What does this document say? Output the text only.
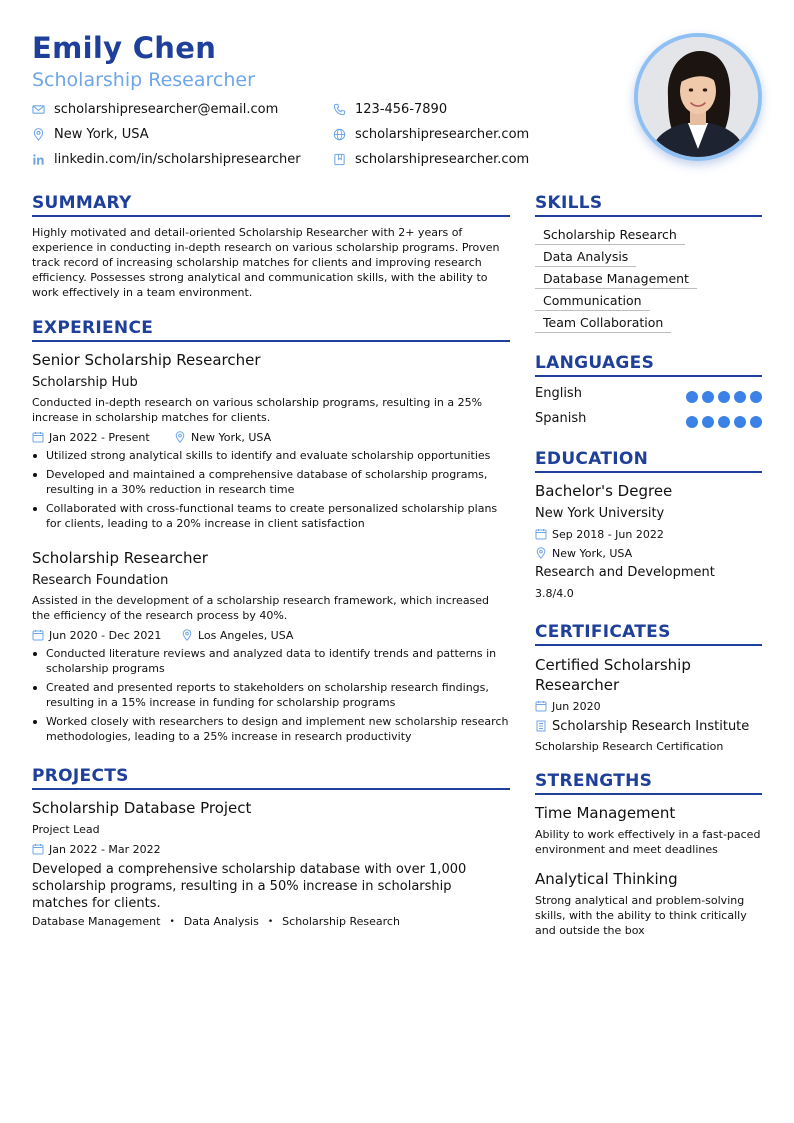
Emily Chen
Scholarship Researcher
scholarshipresearcher@email.com	123-456-7890
New York, USA	scholarshipresearcher.com
linkedin.com/in/scholarshipresearcher	scholarshipresearcher.com
SUMMARY
Highly motivated and detail-oriented Scholarship Researcher with 2+ years of experience in conducting in-depth research on various scholarship programs. Proven track record of increasing scholarship matches for clients and improving research efficiency. Possesses strong analytical and communication skills, with the ability to work effectively in a team environment.
EXPERIENCE
Senior Scholarship Researcher
Scholarship Hub
Conducted in-depth research on various scholarship programs, resulting in a 25% increase in scholarship matches for clients.
Jan 2022 - Present	New York, USA
Utilized strong analytical skills to identify and evaluate scholarship opportunities
Developed and maintained a comprehensive database of scholarship programs, resulting in a 30% reduction in research time
Collaborated with cross-functional teams to create personalized scholarship plans for clients, leading to a 20% increase in client satisfaction
Scholarship Researcher
Research Foundation
Assisted in the development of a scholarship research framework, which increased the efficiency of the research process by 40%.
Jun 2020 - Dec 2021	Los Angeles, USA
Conducted literature reviews and analyzed data to identify trends and patterns in scholarship programs
Created and presented reports to stakeholders on scholarship research findings, resulting in a 15% increase in funding for scholarship programs
Worked closely with researchers to design and implement new scholarship research methodologies, leading to a 25% increase in research productivity
PROJECTS
Scholarship Database Project
Project Lead
Jan 2022 - Mar 2022
Developed a comprehensive scholarship database with over 1,000 scholarship programs, resulting in a 50% increase in scholarship matches for clients.
Database Management • Data Analysis • Scholarship Research
SKILLS
Scholarship Research
Data Analysis
Database Management
Communication
Team Collaboration
LANGUAGES
English
Spanish
EDUCATION
Bachelor's Degree
New York University
Sep 2018 - Jun 2022
New York, USA
Research and Development
3.8/4.0
CERTIFICATES
Certified Scholarship Researcher
Jun 2020
Scholarship Research Institute
Scholarship Research Certification
STRENGTHS
Time Management
Ability to work effectively in a fast-paced environment and meet deadlines
Analytical Thinking
Strong analytical and problem-solving skills, with the ability to think critically and outside the box
